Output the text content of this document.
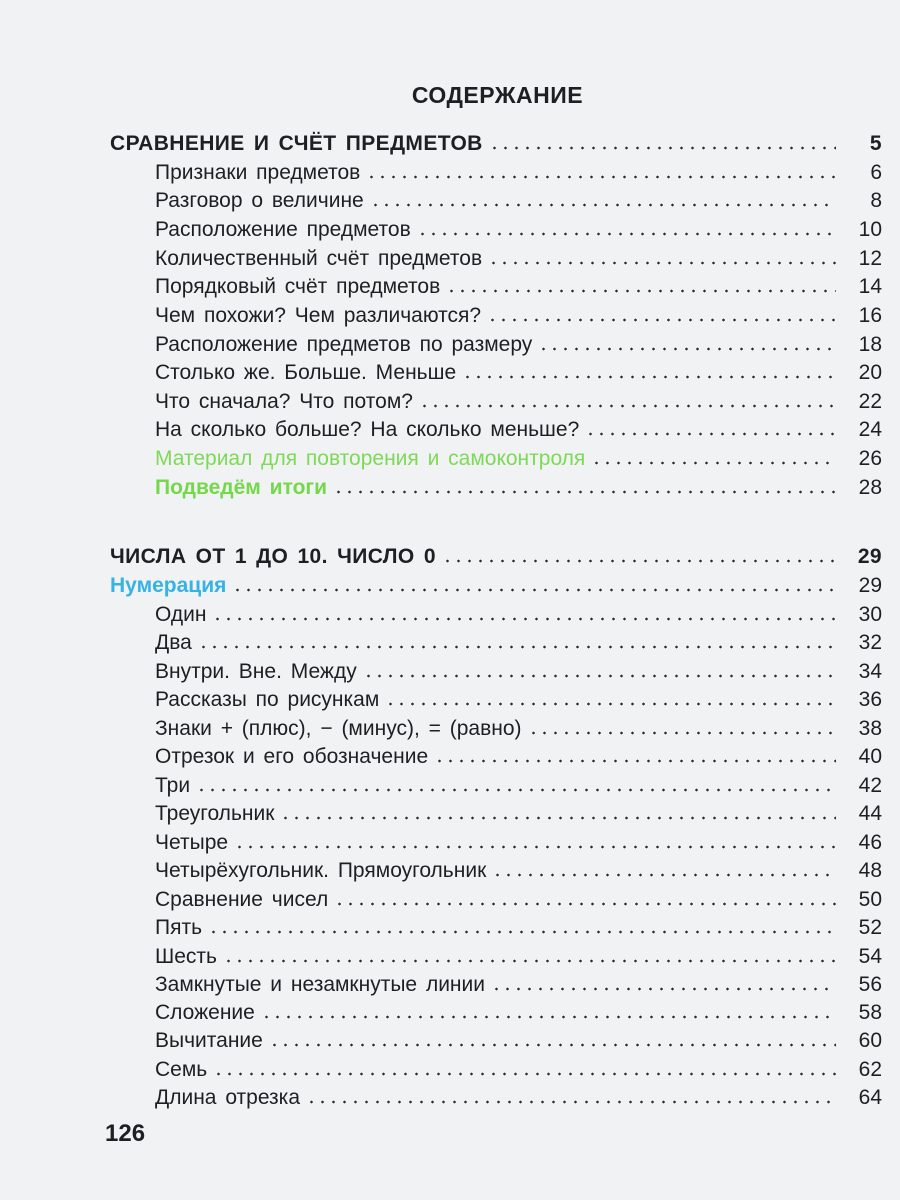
СОДЕРЖАНИЕ
СРАВНЕНИЕ И СЧЁТ ПРЕДМЕТОВ	5
Признаки предметов	6
Разговор о величине	8
Расположение предметов	10
Количественный счёт предметов	12
Порядковый счёт предметов	14
Чем похожи? Чем различаются?	16
Расположение предметов по размеру	18
Столько же. Больше. Меньше	20
Что сначала? Что потом?	22
На сколько больше? На сколько меньше?	24
Материал для повторения и самоконтроля	26
Подведём итоги	28
ЧИСЛА ОТ 1 ДО 10. ЧИСЛО 0	29
Нумерация	29
Один	30
Два	32
Внутри. Вне. Между	34
Рассказы по рисункам	36
Знаки + (плюс), − (минус), = (равно)	38
Отрезок и его обозначение	40
Три	42
Треугольник	44
Четыре	46
Четырёхугольник. Прямоугольник	48
Сравнение чисел	50
Пять	52
Шесть	54
Замкнутые и незамкнутые линии	56
Сложение	58
Вычитание	60
Семь	62
Длина отрезка	64
126
